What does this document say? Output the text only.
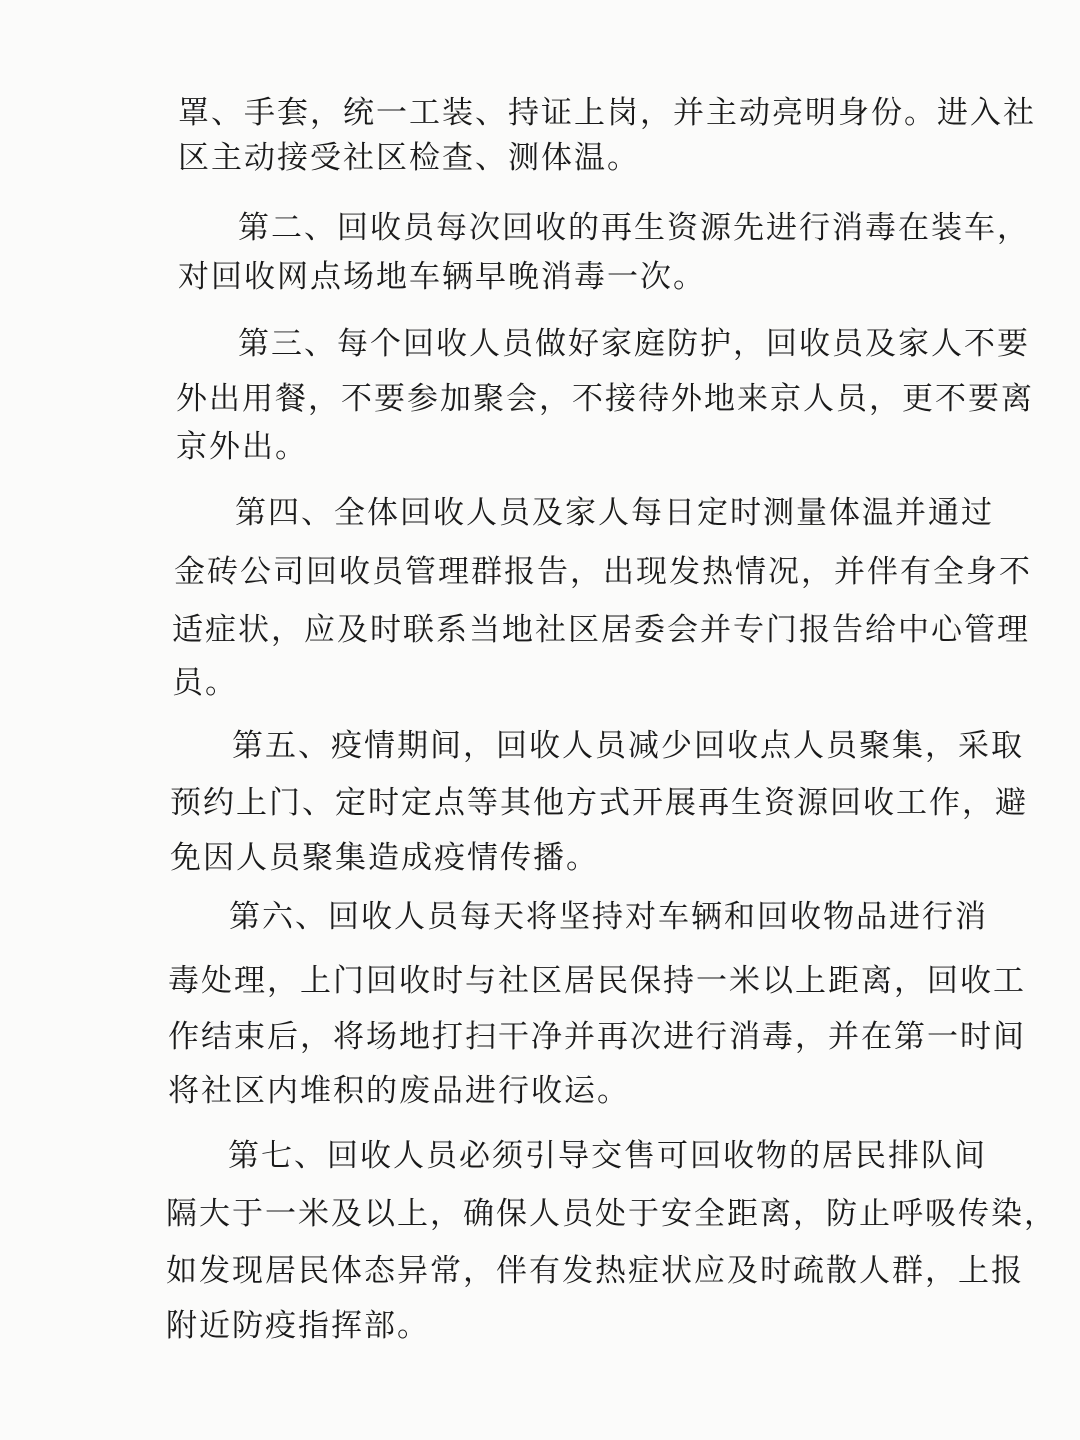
罩、手套，统一工装、持证上岗，并主动亮明身份。进入社
区主动接受社区检查、测体温。
第二、回收员每次回收的再生资源先进行消毒在装车，
对回收网点场地车辆早晚消毒一次。
第三、每个回收人员做好家庭防护，回收员及家人不要
外出用餐，不要参加聚会，不接待外地来京人员，更不要离
京外出。
第四、全体回收人员及家人每日定时测量体温并通过
金砖公司回收员管理群报告，出现发热情况，并伴有全身不
适症状，应及时联系当地社区居委会并专门报告给中心管理
员。
第五、疫情期间，回收人员减少回收点人员聚集，采取
预约上门、定时定点等其他方式开展再生资源回收工作，避
免因人员聚集造成疫情传播。
第六、回收人员每天将坚持对车辆和回收物品进行消
毒处理，上门回收时与社区居民保持一米以上距离，回收工
作结束后，将场地打扫干净并再次进行消毒，并在第一时间
将社区内堆积的废品进行收运。
第七、回收人员必须引导交售可回收物的居民排队间
隔大于一米及以上，确保人员处于安全距离，防止呼吸传染，
如发现居民体态异常，伴有发热症状应及时疏散人群，上报
附近防疫指挥部。
